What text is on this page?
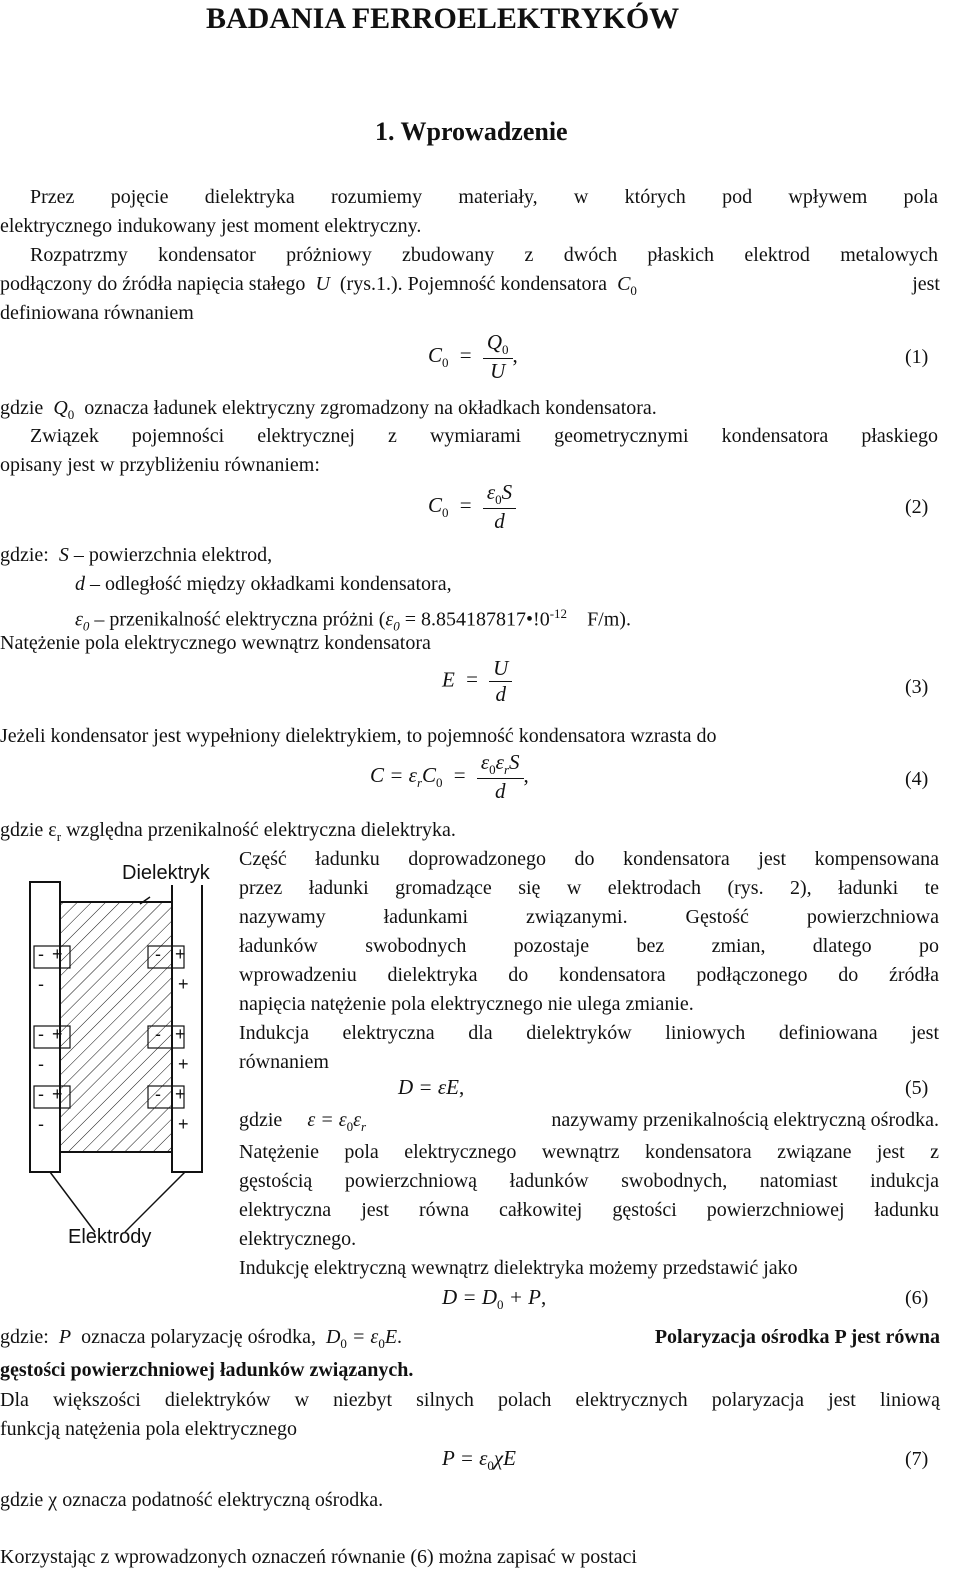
BADANIA FERROELEKTRYKÓW
1. Wprowadzenie
Przez pojęcie dielektryka rozumiemy materiały, w których pod wpływem pola
elektrycznego indukowany jest moment elektryczny.
Rozpatrzmy kondensator próżniowy zbudowany z dwóch płaskich elektrod metalowych
podłączony do źródła napięcia stałego U (rys.1.). Pojemność kondensatora $C_0$	jest
definiowana równaniem
$C_0 = \frac{Q_0}{U}$ ,	(1)
gdzie $Q_0$ oznacza ładunek elektryczny zgromadzony na okładkach kondensatora.
Związek pojemności elektrycznej z wymiarami geometrycznymi kondensatora płaskiego
opisany jest w przybliżeniu równaniem:
$C_0 = \frac{\varepsilon_0S}{d}$	(2)
gdzie: S – powierzchnia elektrod,
d – odległość między okładkami kondensatora,
$\varepsilon_0$ – przenikalność elektryczna próżni ($\varepsilon_0$ = $8.854187817•!0^{-12}$ F/m).
Natężenie pola elektrycznego wewnątrz kondensatora
$E = \frac{U}{d}$	(3)
Jeżeli kondensator jest wypełniony dielektrykiem, to pojemność kondensatora wzrasta do
$C = \varepsilon_rC_0 = \frac{\varepsilon_0\varepsilon_rS}{d}$ ,	(4)
gdzie $\varepsilon_r$ względna przenikalność elektryczna dielektryka.
Dielektryk
Elektrody
- +	- +
-	+
- +	- +
-	+
- +	- +
-	+
Część ładunku doprowadzonego do kondensatora jest kompensowana
przez ładunki gromadzące się w elektrodach (rys. 2), ładunki te
nazywamy ładunkami związanymi. Gęstość powierzchniowa
ładunków swobodnych pozostaje bez zmian, dlatego po
wprowadzeniu dielektryka do kondensatora podłączonego do źródła
napięcia natężenie pola elektrycznego nie ulega zmianie.
Indukcja elektryczna dla dielektryków liniowych definiowana jest
równaniem
D = εE,	(5)
gdzie $\varepsilon = \varepsilon_0\varepsilon_r$	nazywamy przenikalnością elektryczną ośrodka.
Natężenie pola elektrycznego wewnątrz kondensatora związane jest z
gęstością powierzchniową ładunków swobodnych, natomiast indukcja
elektryczna jest równa całkowitej gęstości powierzchniowej ładunku
elektrycznego.
Indukcję elektryczną wewnątrz dielektryka możemy przedstawić jako
$D = D_0 + P$,	(6)
gdzie: P oznacza polaryzację ośrodka, $D_0 = \varepsilon_0E$.	Polaryzacja ośrodka P jest równa
gęstości powierzchniowej ładunków związanych.
Dla większości dielektryków w niezbyt silnych polach elektrycznych polaryzacja jest liniową
funkcją natężenia pola elektrycznego
$P = \varepsilon_0\chi E$	(7)
gdzie χ oznacza podatność elektryczną ośrodka.
Korzystając z wprowadzonych oznaczeń równanie (6) można zapisać w postaci
